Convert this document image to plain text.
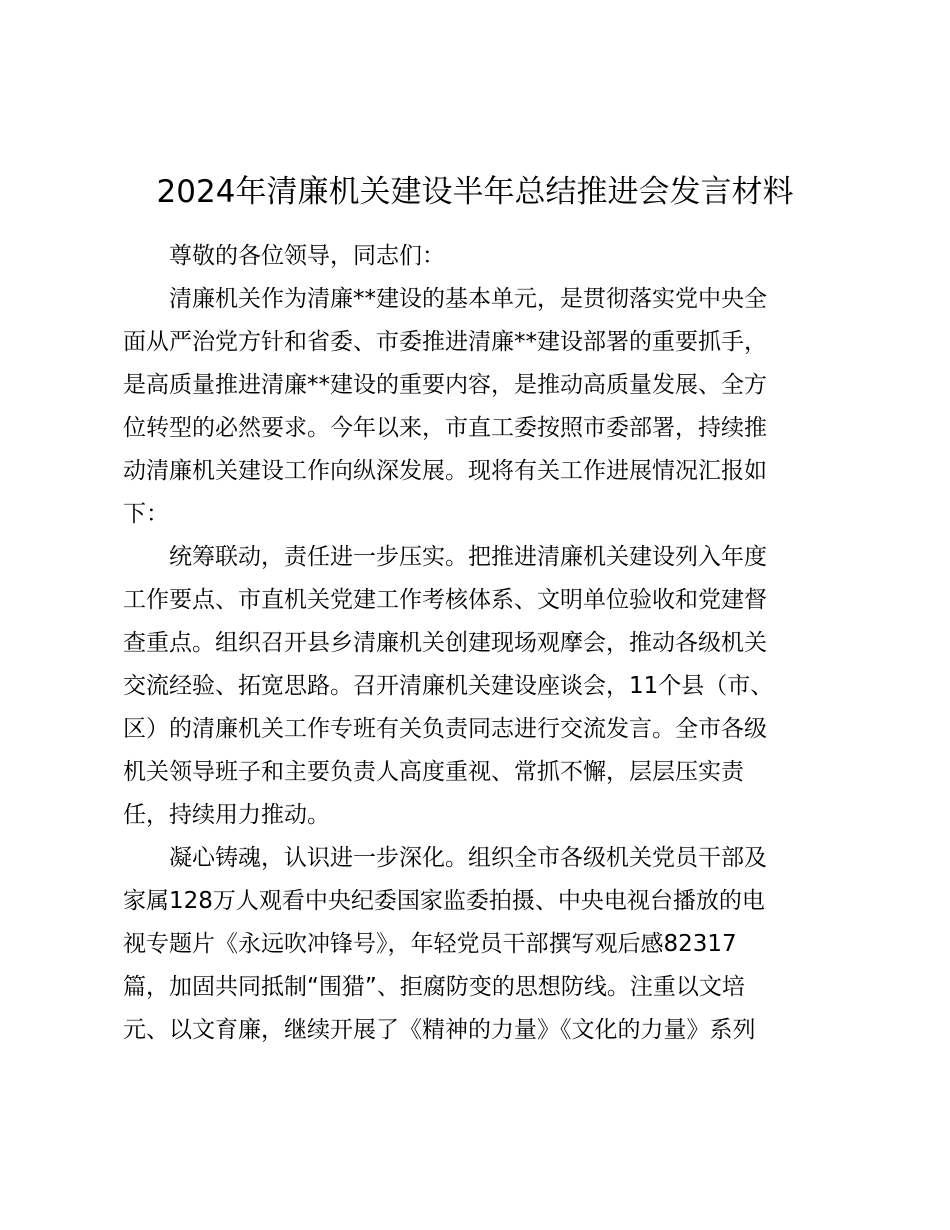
2024年清廉机关建设半年总结推进会发言材料
尊敬的各位领导，同志们：
清廉机关作为清廉**建设的基本单元，是贯彻落实党中央全
面从严治党方针和省委、市委推进清廉**建设部署的重要抓手，
是高质量推进清廉**建设的重要内容，是推动高质量发展、全方
位转型的必然要求。今年以来，市直工委按照市委部署，持续推
动清廉机关建设工作向纵深发展。现将有关工作进展情况汇报如
下：
统筹联动，责任进一步压实。把推进清廉机关建设列入年度
工作要点、市直机关党建工作考核体系、文明单位验收和党建督
查重点。组织召开县乡清廉机关创建现场观摩会，推动各级机关
交流经验、拓宽思路。召开清廉机关建设座谈会，11个县（市、
区）的清廉机关工作专班有关负责同志进行交流发言。全市各级
机关领导班子和主要负责人高度重视、常抓不懈，层层压实责
任，持续用力推动。
凝心铸魂，认识进一步深化。组织全市各级机关党员干部及
家属128万人观看中央纪委国家监委拍摄、中央电视台播放的电
视专题片《永远吹冲锋号》，年轻党员干部撰写观后感82317
篇，加固共同抵制“围猎”、拒腐防变的思想防线。注重以文培
元、以文育廉，继续开展了《精神的力量》《文化的力量》系列
